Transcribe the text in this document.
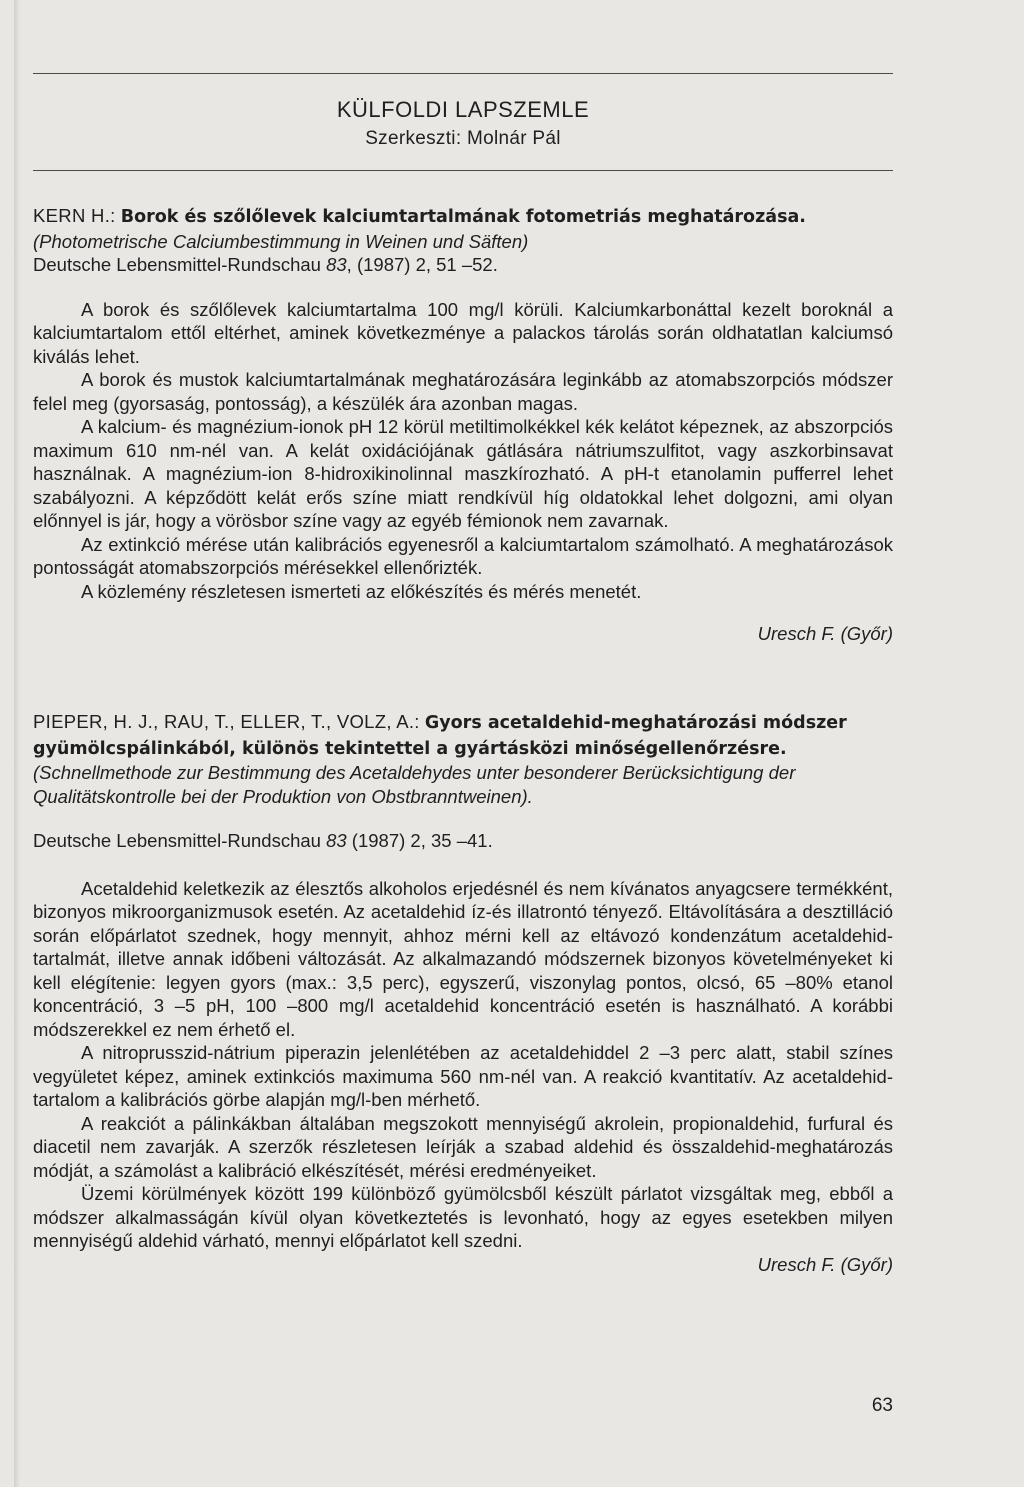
KÜLFOLDI LAPSZEMLE
Szerkeszti: Molnár Pál

KERN H.: Borok és szőlőlevek kalciumtartalmának fotometriás meghatározása.

(Photometrische Calciumbestimmung in Weinen und Säften)

Deutsche Lebensmittel-Rundschau 83, (1987) 2, 51 –52.

A borok és szőlőlevek kalciumtartalma 100 mg/l körüli. Kalciumkarbonáttal kezelt boroknál a kalciumtartalom ettől eltérhet, aminek következménye a palackos tárolás során oldhatatlan kalciumsó kiválás lehet.

A borok és mustok kalciumtartalmának meghatározására leginkább az atomabszorpciós módszer felel meg (gyorsaság, pontosság), a készülék ára azonban magas.

A kalcium- és magnézium-ionok pH 12 körül metiltimolkékkel kék kelátot képeznek, az abszorpciós maximum 610 nm-nél van. A kelát oxidációjának gátlására nátriumszulfitot, vagy aszkorbinsavat használnak. A magnézium-ion 8-hidroxikinolinnal maszkírozható. A pH-t etanolamin pufferrel lehet szabályozni. A képződött kelát erős színe miatt rendkívül híg oldatokkal lehet dolgozni, ami olyan előnnyel is jár, hogy a vörösbor színe vagy az egyéb fémionok nem zavarnak.

Az extinkció mérése után kalibrációs egyenesről a kalciumtartalom számolható. A meghatározások pontosságát atomabszorpciós mérésekkel ellenőrizték.

A közlemény részletesen ismerteti az előkészítés és mérés menetét.

Uresch F. (Győr)

PIEPER, H. J., RAU, T., ELLER, T., VOLZ, A.: Gyors acetaldehid-meghatározási módszer gyümölcspálinkából, különös tekintettel a gyártásközi minőségellenőrzésre.

(Schnellmethode zur Bestimmung des Acetaldehydes unter besonderer Berücksichtigung der Qualitätskontrolle bei der Produktion von Obstbranntweinen).

Deutsche Lebensmittel-Rundschau 83 (1987) 2, 35 –41.

Acetaldehid keletkezik az élesztős alkoholos erjedésnél és nem kívánatos anyagcsere termékként, bizonyos mikroorganizmusok esetén. Az acetaldehid íz-és illatrontó tényező. Eltávolítására a desztilláció során előpárlatot szednek, hogy mennyit, ahhoz mérni kell az eltávozó kondenzátum acetaldehid-tartalmát, illetve annak időbeni változását. Az alkalmazandó módszernek bizonyos követelményeket ki kell elégítenie: legyen gyors (max.: 3,5 perc), egyszerű, viszonylag pontos, olcsó, 65 –80% etanol koncentráció, 3 –5 pH, 100 –800 mg/l acetaldehid koncentráció esetén is használható. A korábbi módszerekkel ez nem érhető el.

A nitroprusszid-nátrium piperazin jelenlétében az acetaldehiddel 2 –3 perc alatt, stabil színes vegyületet képez, aminek extinkciós maximuma 560 nm-nél van. A reakció kvantitatív. Az acetaldehid-tartalom a kalibrációs görbe alapján mg/l-ben mérhető.

A reakciót a pálinkákban általában megszokott mennyiségű akrolein, propionaldehid, furfural és diacetil nem zavarják. A szerzők részletesen leírják a szabad aldehid és összaldehid-meghatározás módját, a számolást a kalibráció elkészítését, mérési eredményeiket.

Üzemi körülmények között 199 különböző gyümölcsből készült párlatot vizsgáltak meg, ebből a módszer alkalmasságán kívül olyan következtetés is levonható, hogy az egyes esetekben milyen mennyiségű aldehid várható, mennyi előpárlatot kell szedni.

Uresch F. (Győr)

63
